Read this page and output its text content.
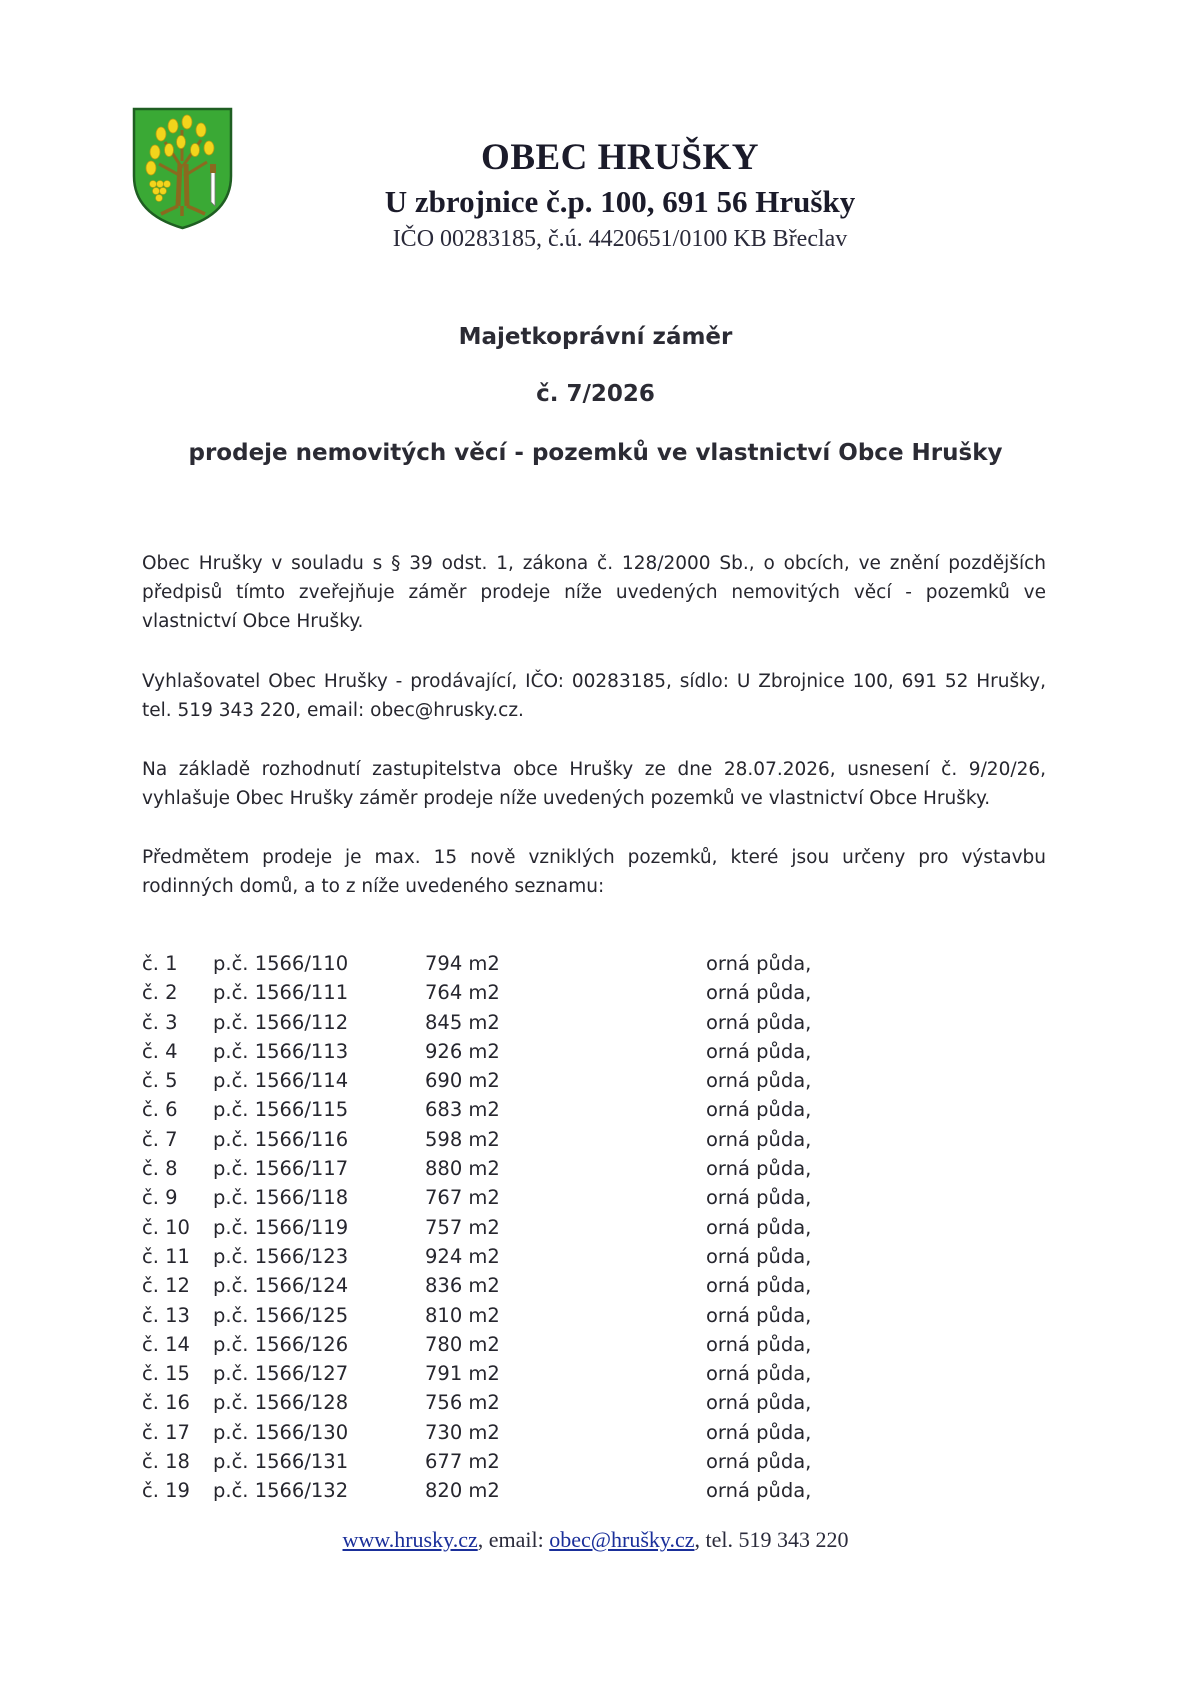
OBEC HRUŠKY
U zbrojnice č.p. 100, 691 56 Hrušky
IČO 00283185, č.ú. 4420651/0100 KB Břeclav
Majetkoprávní záměr
č. 7/2026
prodeje nemovitých věcí - pozemků ve vlastnictví Obce Hrušky

Obec Hrušky v souladu s § 39 odst. 1, zákona č. 128/2000 Sb., o obcích, ve znění pozdějších předpisů tímto zveřejňuje záměr prodeje níže uvedených nemovitých věcí - pozemků ve vlastnictví Obce Hrušky.

Vyhlašovatel Obec Hrušky - prodávající, IČO: 00283185, sídlo: U Zbrojnice 100, 691 52 Hrušky, tel. 519 343 220, email: obec@hrusky.cz.

Na základě rozhodnutí zastupitelstva obce Hrušky ze dne 28.07.2026, usnesení č. 9/20/26, vyhlašuje Obec Hrušky záměr prodeje níže uvedených pozemků ve vlastnictví Obce Hrušky.

Předmětem prodeje je max. 15 nově vzniklých pozemků, které jsou určeny pro výstavbu rodinných domů, a to z níže uvedeného seznamu:

č. 1 p.č. 1566/110	794 m2	orná půda,
č. 2 p.č. 1566/111	764 m2	orná půda,
č. 3 p.č. 1566/112	845 m2	orná půda,
č. 4 p.č. 1566/113	926 m2	orná půda,
č. 5 p.č. 1566/114	690 m2	orná půda,
č. 6 p.č. 1566/115	683 m2	orná půda,
č. 7 p.č. 1566/116	598 m2	orná půda,
č. 8 p.č. 1566/117	880 m2	orná půda,
č. 9 p.č. 1566/118	767 m2	orná půda,
č. 10 p.č. 1566/119	757 m2	orná půda,
č. 11 p.č. 1566/123	924 m2	orná půda,
č. 12 p.č. 1566/124	836 m2	orná půda,
č. 13 p.č. 1566/125	810 m2	orná půda,
č. 14 p.č. 1566/126	780 m2	orná půda,
č. 15 p.č. 1566/127	791 m2	orná půda,
č. 16 p.č. 1566/128	756 m2	orná půda,
č. 17 p.č. 1566/130	730 m2	orná půda,
č. 18 p.č. 1566/131	677 m2	orná půda,
č. 19 p.č. 1566/132	820 m2	orná půda,
www.hrusky.cz, email: obec@hrušky.cz, tel. 519 343 220
